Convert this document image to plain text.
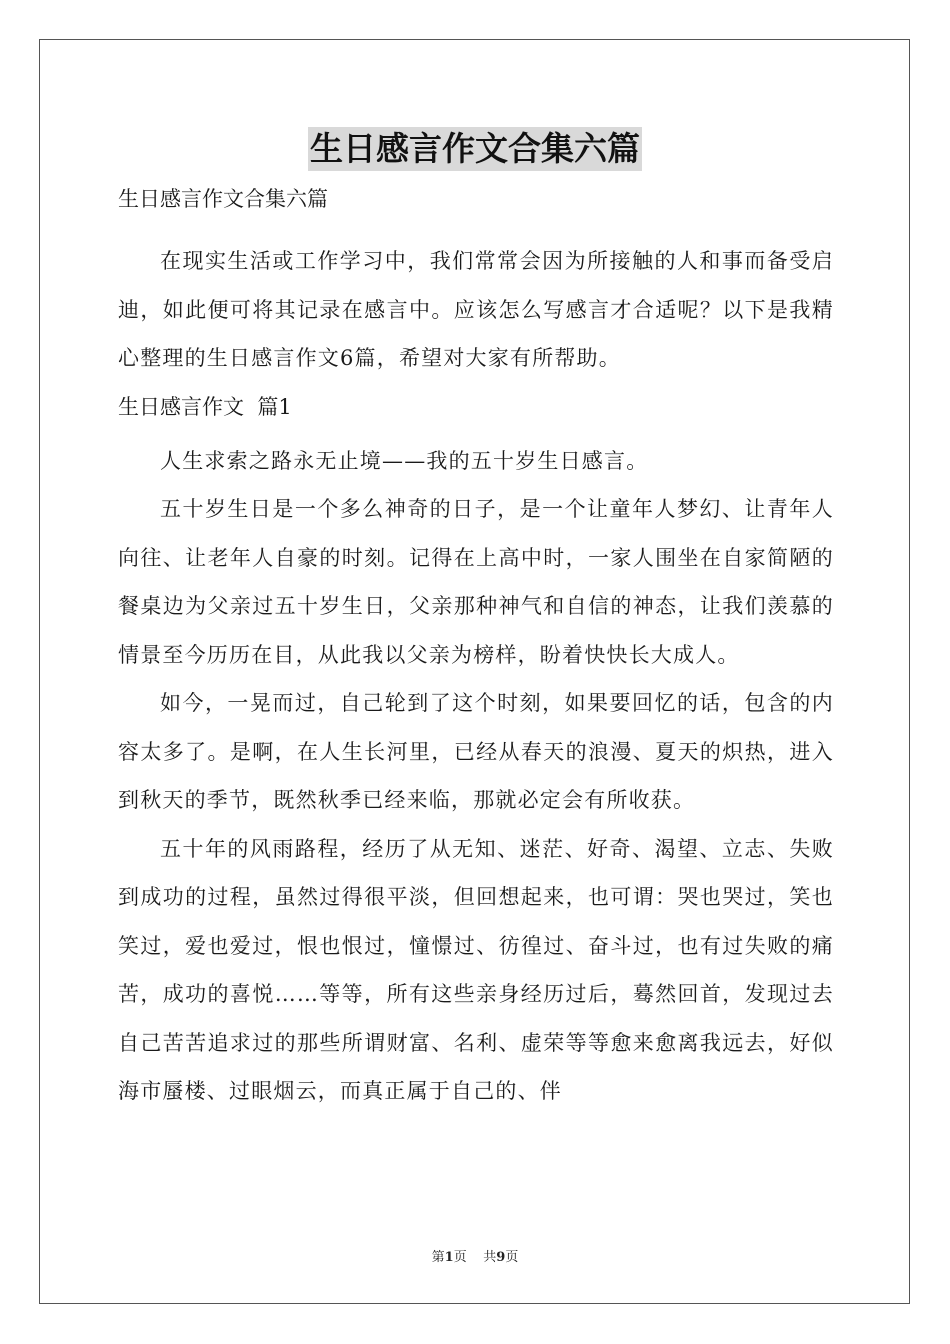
生日感言作文合集六篇

生日感言作文合集六篇

在现实生活或工作学习中，我们常常会因为所接触的人和事而备受启迪，如此便可将其记录在感言中。应该怎么写感言才合适呢？以下是我精心整理的生日感言作文6篇，希望对大家有所帮助。

生日感言作文  篇1

人生求索之路永无止境——我的五十岁生日感言。

五十岁生日是一个多么神奇的日子，是一个让童年人梦幻、让青年人向往、让老年人自豪的时刻。记得在上高中时，一家人围坐在自家简陋的餐桌边为父亲过五十岁生日，父亲那种神气和自信的神态，让我们羡慕的情景至今历历在目，从此我以父亲为榜样，盼着快快长大成人。

如今，一晃而过，自己轮到了这个时刻，如果要回忆的话，包含的内容太多了。是啊，在人生长河里，已经从春天的浪漫、夏天的炽热，进入到秋天的季节，既然秋季已经来临，那就必定会有所收获。

五十年的风雨路程，经历了从无知、迷茫、好奇、渴望、立志、失败到成功的过程，虽然过得很平淡，但回想起来，也可谓：哭也哭过，笑也笑过，爱也爱过，恨也恨过，憧憬过、彷徨过、奋斗过，也有过失败的痛苦，成功的喜悦……等等，所有这些亲身经历过后，蓦然回首，发现过去自己苦苦追求过的那些所谓财富、名利、虚荣等等愈来愈离我远去，好似海市蜃楼、过眼烟云，而真正属于自己的、伴

第1页 共9页
